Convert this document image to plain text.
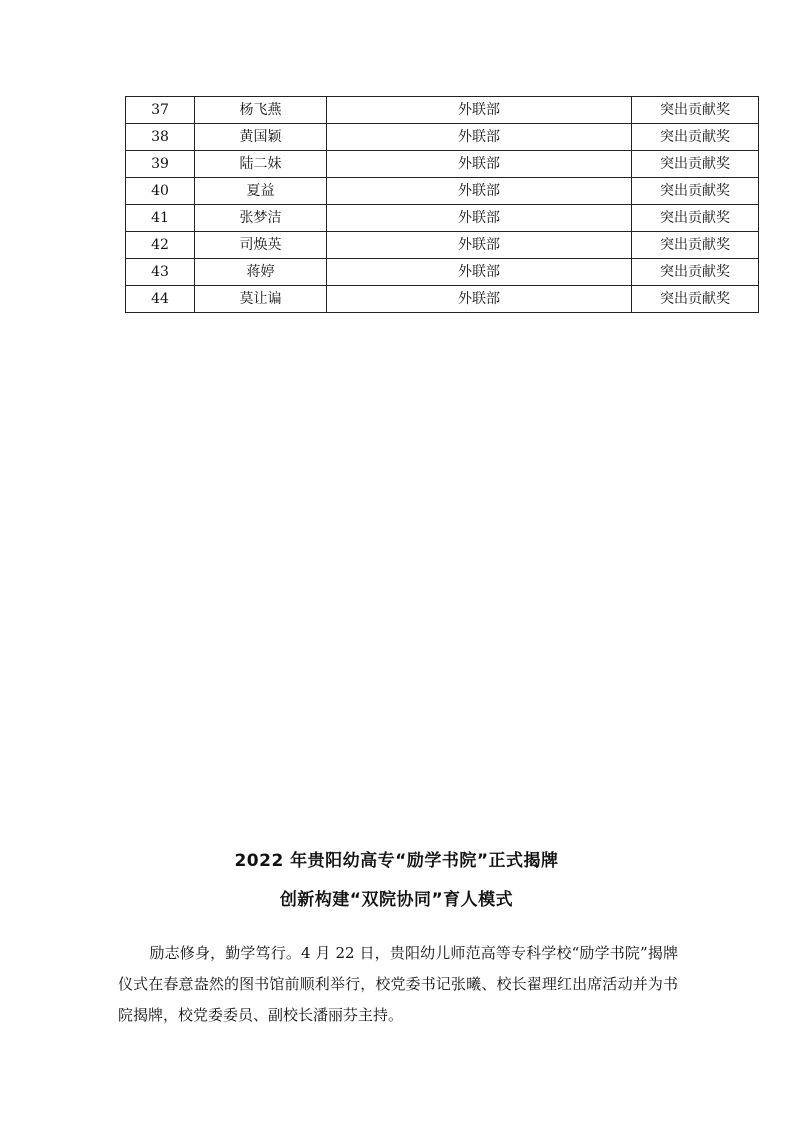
37	杨飞燕	外联部	突出贡献奖
38	黄国颖	外联部	突出贡献奖
39	陆二妹	外联部	突出贡献奖
40	夏益	外联部	突出贡献奖
41	张梦洁	外联部	突出贡献奖
42	司焕英	外联部	突出贡献奖
43	蒋婷	外联部	突出贡献奖
44	莫让谝	外联部	突出贡献奖
2022 年贵阳幼高专“励学书院”正式揭牌
创新构建“双院协同”育人模式

励志修身，勤学笃行。4 月 22 日，贵阳幼儿师范高等专科学校“励学书院”揭牌仪式在春意盎然的图书馆前顺利举行，校党委书记张曦、校长翟理红出席活动并为书院揭牌，校党委委员、副校长潘丽芬主持。
